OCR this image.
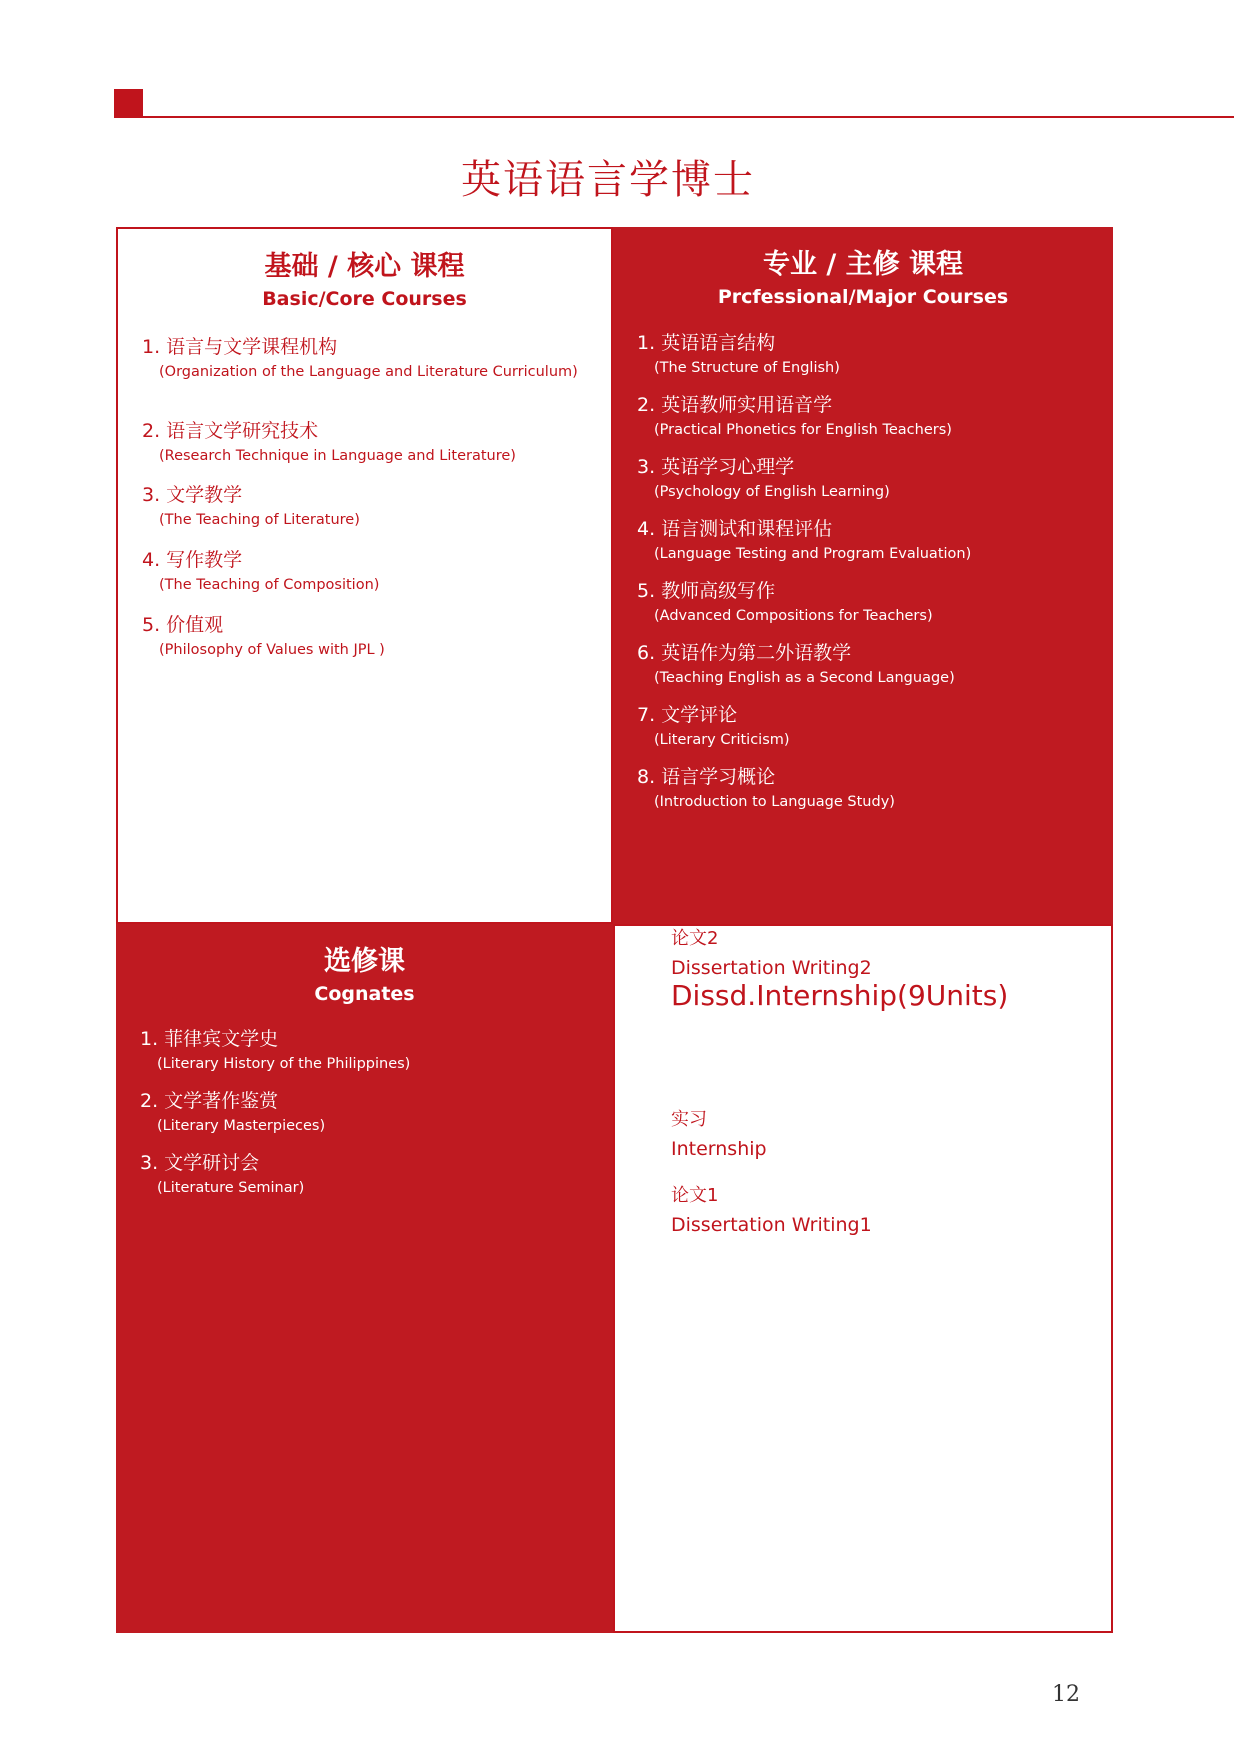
英语语言学博士
基础 / 核心 课程
Basic/Core Courses
1. 语言与文学课程机构
(Organization of the Language and Literature Curriculum)
2. 语言文学研究技术
(Research Technique in Language and Literature)
3. 文学教学
(The Teaching of Literature)
4. 写作教学
(The Teaching of Composition)
5. 价值观
(Philosophy of Values with JPL )
专业 / 主修 课程
Prcfessional/Major Courses
1. 英语语言结构
(The Structure of English)
2. 英语教师实用语音学
(Practical Phonetics for English Teachers)
3. 英语学习心理学
(Psychology of English Learning)
4. 语言测试和课程评估
(Language Testing and Program Evaluation)
5. 教师高级写作
(Advanced Compositions for Teachers)
6. 英语作为第二外语教学
(Teaching English as a Second Language)
7. 文学评论
(Literary Criticism)
8. 语言学习概论
(Introduction to Language Study)
选修课
Cognates
1. 菲律宾文学史
(Literary History of the Philippines)
2. 文学著作鉴赏
(Literary Masterpieces)
3. 文学研讨会
(Literature Seminar)
Dissd.Internship(9Units)
实习
Internship
论文1
Dissertation Writing1
论文2
Dissertation Writing2
12
